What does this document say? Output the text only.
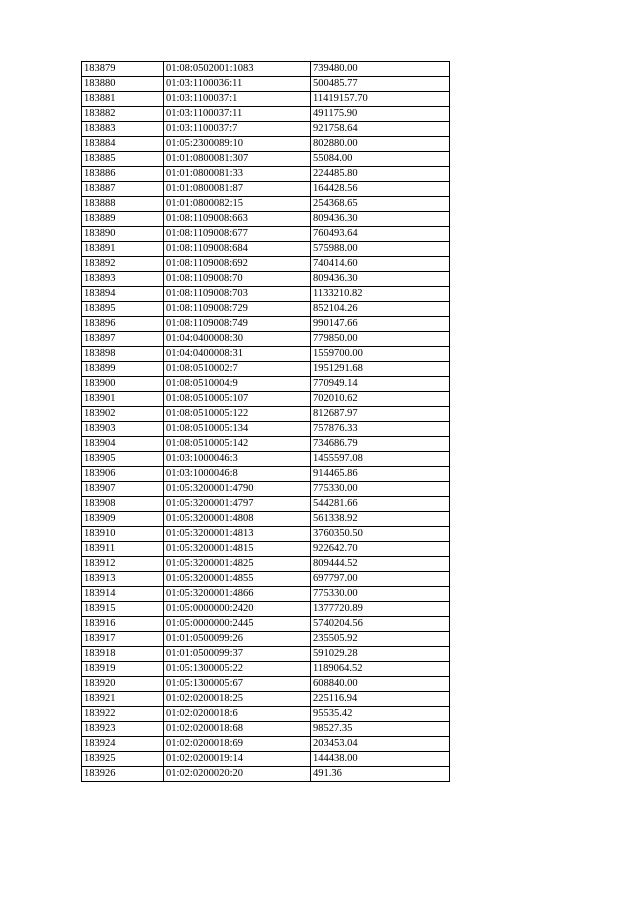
183879	01:08:0502001:1083	739480.00
183880	01:03:1100036:11	500485.77
183881	01:03:1100037:1	11419157.70
183882	01:03:1100037:11	491175.90
183883	01:03:1100037:7	921758.64
183884	01:05:2300089:10	802880.00
183885	01:01:0800081:307	55084.00
183886	01:01:0800081:33	224485.80
183887	01:01:0800081:87	164428.56
183888	01:01:0800082:15	254368.65
183889	01:08:1109008:663	809436.30
183890	01:08:1109008:677	760493.64
183891	01:08:1109008:684	575988.00
183892	01:08:1109008:692	740414.60
183893	01:08:1109008:70	809436.30
183894	01:08:1109008:703	1133210.82
183895	01:08:1109008:729	852104.26
183896	01:08:1109008:749	990147.66
183897	01:04:0400008:30	779850.00
183898	01:04:0400008:31	1559700.00
183899	01:08:0510002:7	1951291.68
183900	01:08:0510004:9	770949.14
183901	01:08:0510005:107	702010.62
183902	01:08:0510005:122	812687.97
183903	01:08:0510005:134	757876.33
183904	01:08:0510005:142	734686.79
183905	01:03:1000046:3	1455597.08
183906	01:03:1000046:8	914465.86
183907	01:05:3200001:4790	775330.00
183908	01:05:3200001:4797	544281.66
183909	01:05:3200001:4808	561338.92
183910	01:05:3200001:4813	3760350.50
183911	01:05:3200001:4815	922642.70
183912	01:05:3200001:4825	809444.52
183913	01:05:3200001:4855	697797.00
183914	01:05:3200001:4866	775330.00
183915	01:05:0000000:2420	1377720.89
183916	01:05:0000000:2445	5740204.56
183917	01:01:0500099:26	235505.92
183918	01:01:0500099:37	591029.28
183919	01:05:1300005:22	1189064.52
183920	01:05:1300005:67	608840.00
183921	01:02:0200018:25	225116.94
183922	01:02:0200018:6	95535.42
183923	01:02:0200018:68	98527.35
183924	01:02:0200018:69	203453.04
183925	01:02:0200019:14	144438.00
183926	01:02:0200020:20	491.36
